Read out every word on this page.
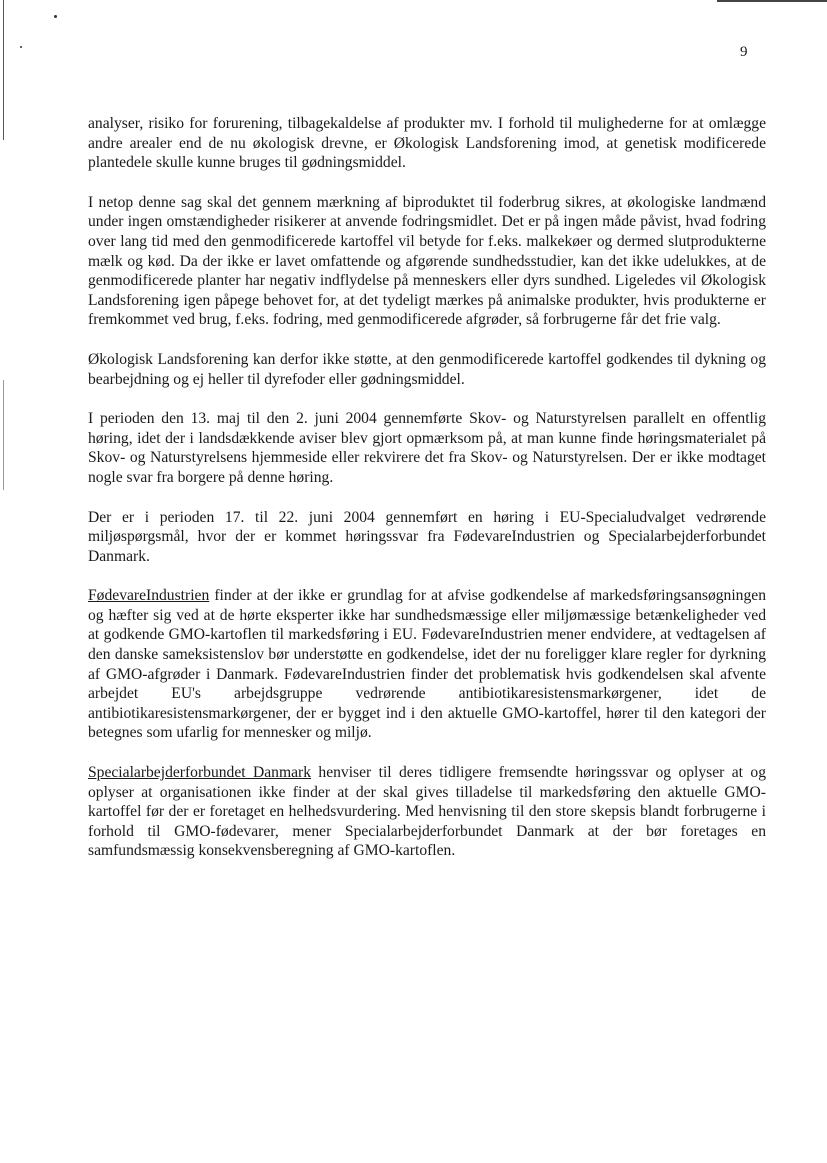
9

analyser, risiko for forurening, tilbagekaldelse af produkter mv. I forhold til mulighederne for at omlægge andre arealer end de nu økologisk drevne, er Økologisk Landsforening imod, at genetisk modificerede plantedele skulle kunne bruges til gødningsmiddel.

I netop denne sag skal det gennem mærkning af biproduktet til foderbrug sikres, at økologiske landmænd under ingen omstændigheder risikerer at anvende fodringsmidlet. Det er på ingen måde påvist, hvad fodring over lang tid med den genmodificerede kartoffel vil betyde for f.eks. malkekøer og dermed slutprodukterne mælk og kød. Da der ikke er lavet omfattende og afgørende sundhedsstudier, kan det ikke udelukkes, at de genmodificerede planter har negativ indflydelse på menneskers eller dyrs sundhed. Ligeledes vil Økologisk Landsforening igen påpege behovet for, at det tydeligt mærkes på animalske produkter, hvis produkterne er fremkommet ved brug, f.eks. fodring, med genmodificerede afgrøder, så forbrugerne får det frie valg.

Økologisk Landsforening kan derfor ikke støtte, at den genmodificerede kartoffel godkendes til dykning og bearbejdning og ej heller til dyrefoder eller gødningsmiddel.

I perioden den 13. maj til den 2. juni 2004 gennemførte Skov- og Naturstyrelsen parallelt en offentlig høring, idet der i landsdækkende aviser blev gjort opmærksom på, at man kunne finde høringsmaterialet på Skov- og Naturstyrelsens hjemmeside eller rekvirere det fra Skov- og Naturstyrelsen. Der er ikke modtaget nogle svar fra borgere på denne høring.

Der er i perioden 17. til 22. juni 2004 gennemført en høring i EU-Specialudvalget vedrørende miljøspørgsmål, hvor der er kommet høringssvar fra FødevareIndustrien og Specialarbejderforbundet Danmark.

FødevareIndustrien finder at der ikke er grundlag for at afvise godkendelse af markedsføringsansøgningen og hæfter sig ved at de hørte eksperter ikke har sundhedsmæssige eller miljømæssige betænkeligheder ved at godkende GMO-kartoflen til markedsføring i EU. FødevareIndustrien mener endvidere, at vedtagelsen af den danske sameksistenslov bør understøtte en godkendelse, idet der nu foreligger klare regler for dyrkning af GMO-afgrøder i Danmark. FødevareIndustrien finder det problematisk hvis godkendelsen skal afvente arbejdet EU's arbejdsgruppe vedrørende antibiotikaresistensmarkørgener, idet de antibiotikaresistensmarkørgener, der er bygget ind i den aktuelle GMO-kartoffel, hører til den kategori der betegnes som ufarlig for mennesker og miljø.

Specialarbejderforbundet Danmark henviser til deres tidligere fremsendte høringssvar og oplyser at og oplyser at organisationen ikke finder at der skal gives tilladelse til markedsføring den aktuelle GMO-kartoffel før der er foretaget en helhedsvurdering. Med henvisning til den store skepsis blandt forbrugerne i forhold til GMO-fødevarer, mener Specialarbejderforbundet Danmark at der bør foretages en samfundsmæssig konsekvensberegning af GMO-kartoflen.
